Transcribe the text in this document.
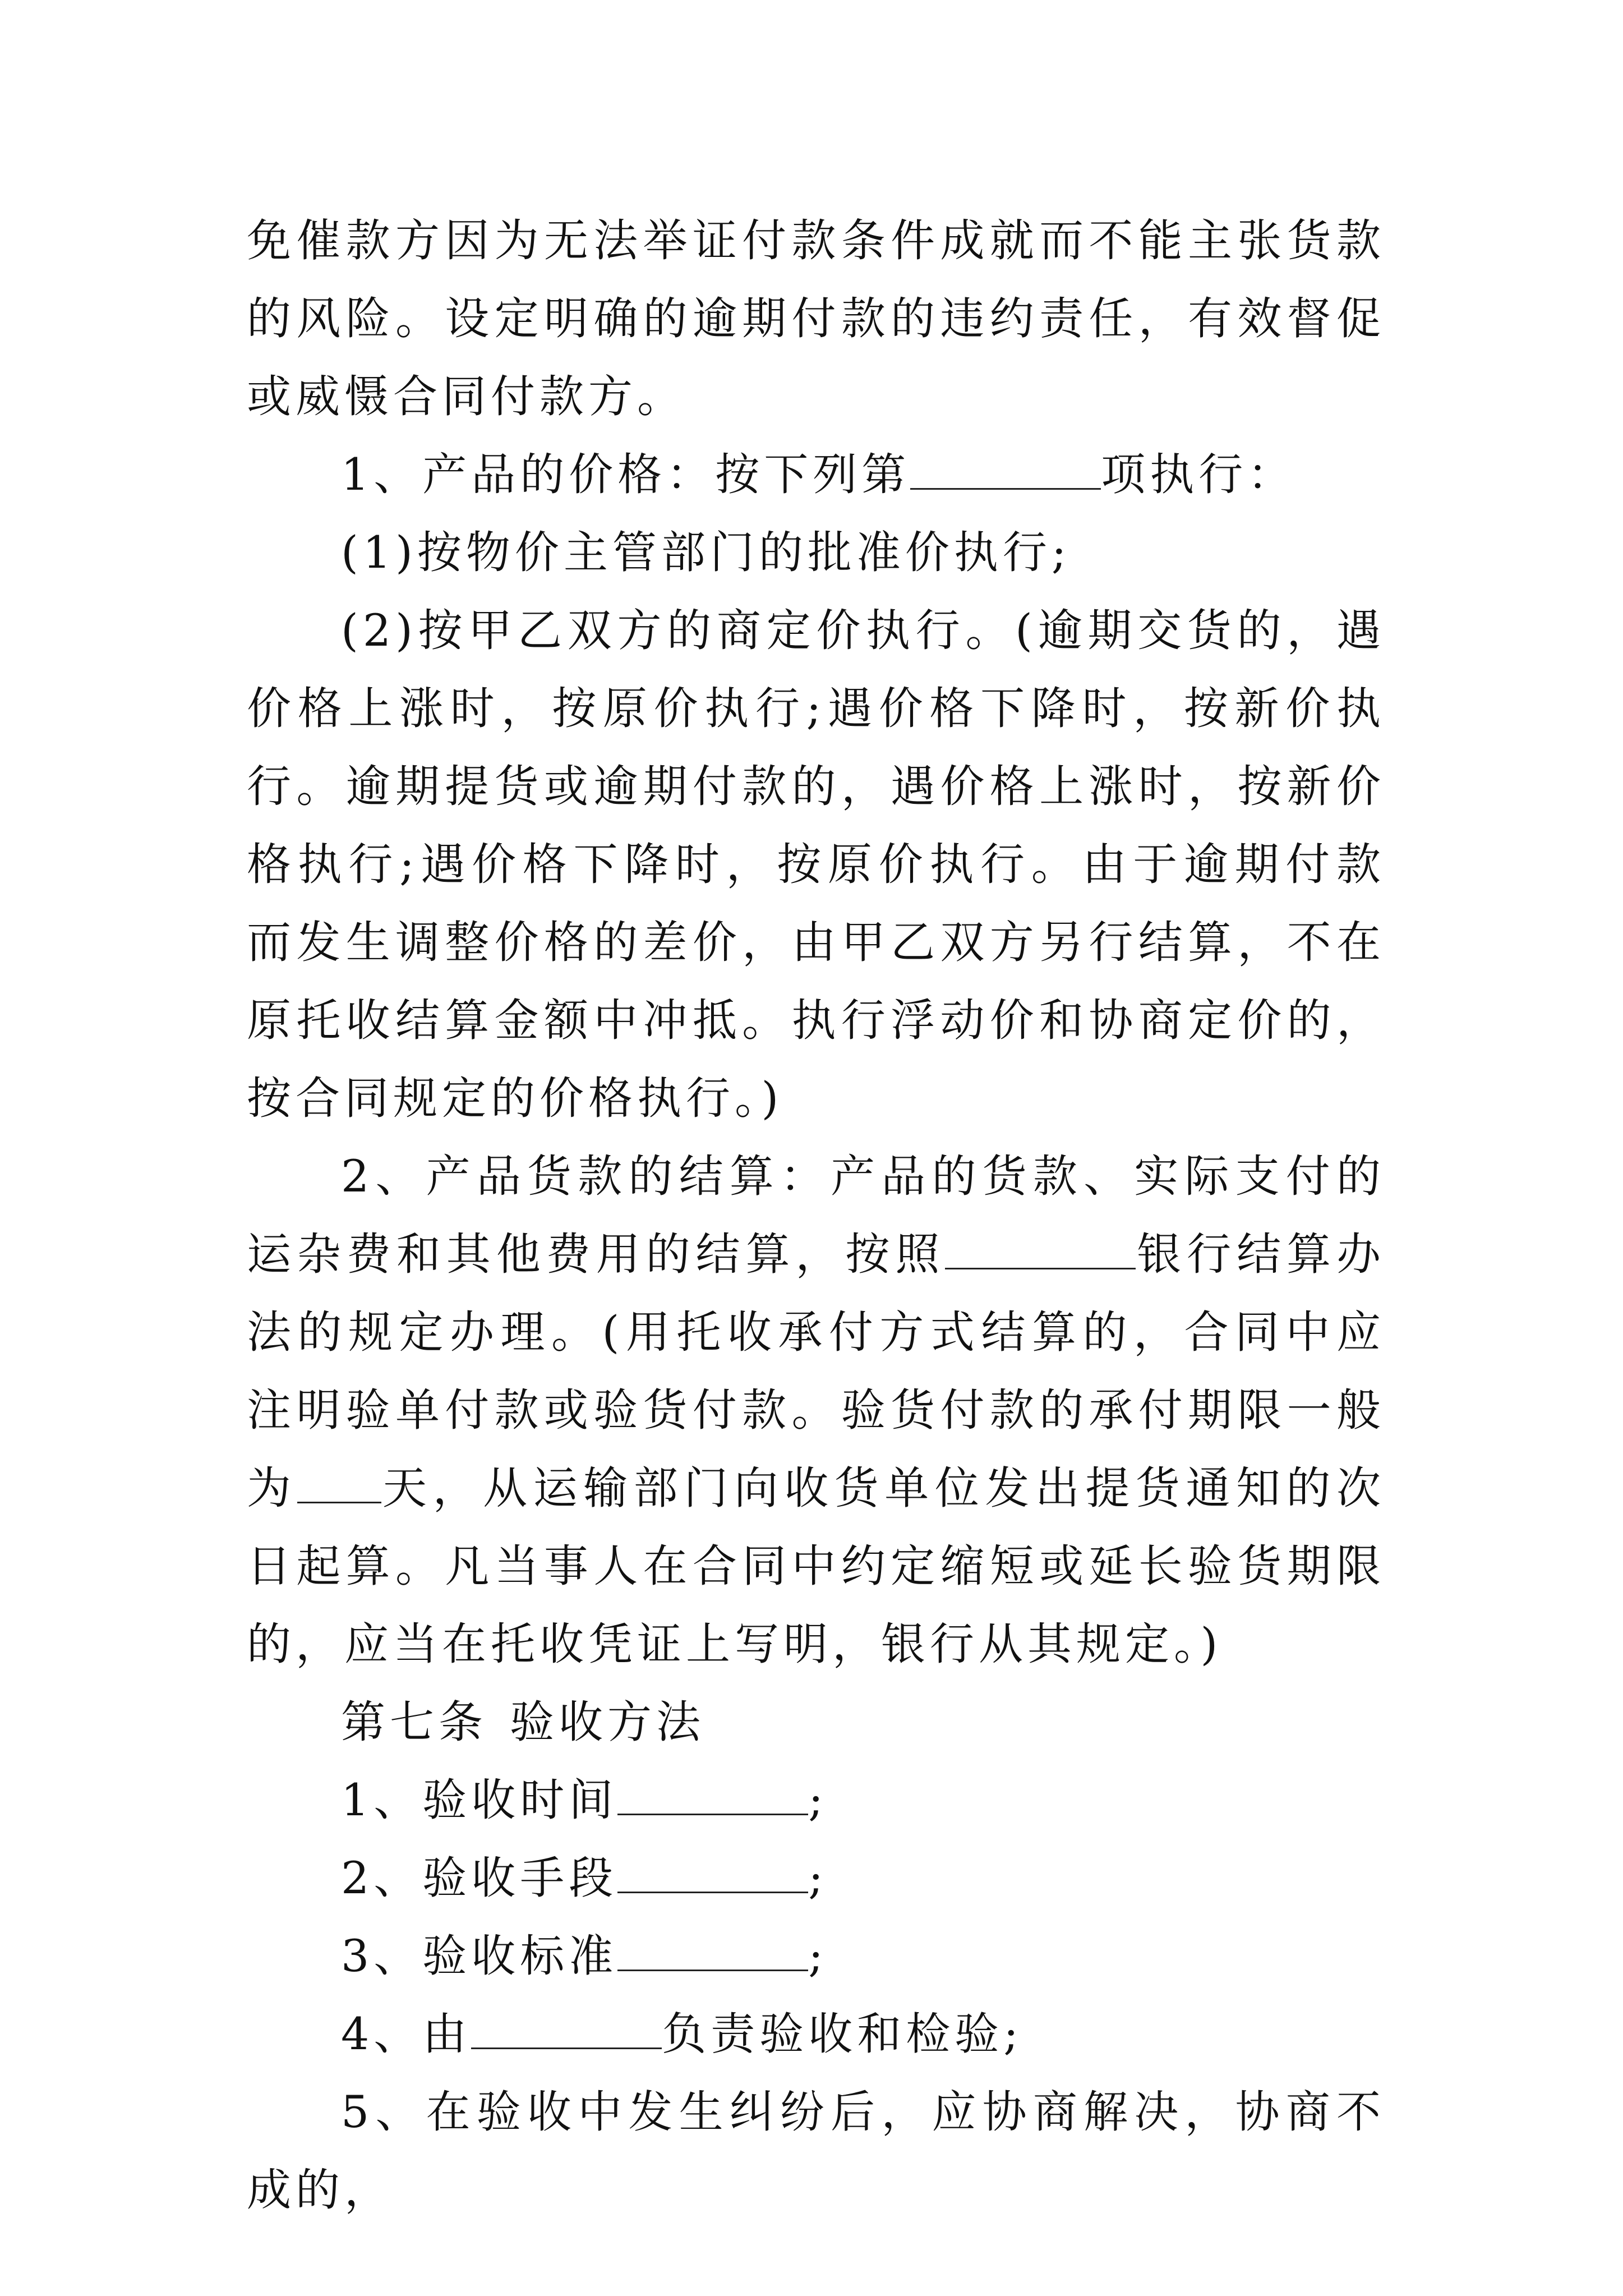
免催款方因为无法举证付款条件成就而不能主张货款的风险。设定明确的逾期付款的违约责任，有效督促或威慑合同付款方。

1、产品的价格：按下列第	项执行：

(1)按物价主管部门的批准价执行;

(2)按甲乙双方的商定价执行。(逾期交货的，遇价格上涨时，按原价执行;遇价格下降时，按新价执行。逾期提货或逾期付款的，遇价格上涨时，按新价格执行;遇价格下降时，按原价执行。由于逾期付款而发生调整价格的差价，由甲乙双方另行结算，不在原托收结算金额中冲抵。执行浮动价和协商定价的，按合同规定的价格执行。)

2、产品货款的结算：产品的货款、实际支付的运杂费和其他费用的结算，按照	银行结算办法的规定办理。(用托收承付方式结算的，合同中应注明验单付款或验货付款。验货付款的承付期限一般为 天，从运输部门向收货单位发出提货通知的次日起算。凡当事人在合同中约定缩短或延长验货期限的，应当在托收凭证上写明，银行从其规定。)

第七条 验收方法

1、验收时间	;

2、验收手段	;

3、验收标准	;

4、由	负责验收和检验;

5、在验收中发生纠纷后，应协商解决，协商不成的，
